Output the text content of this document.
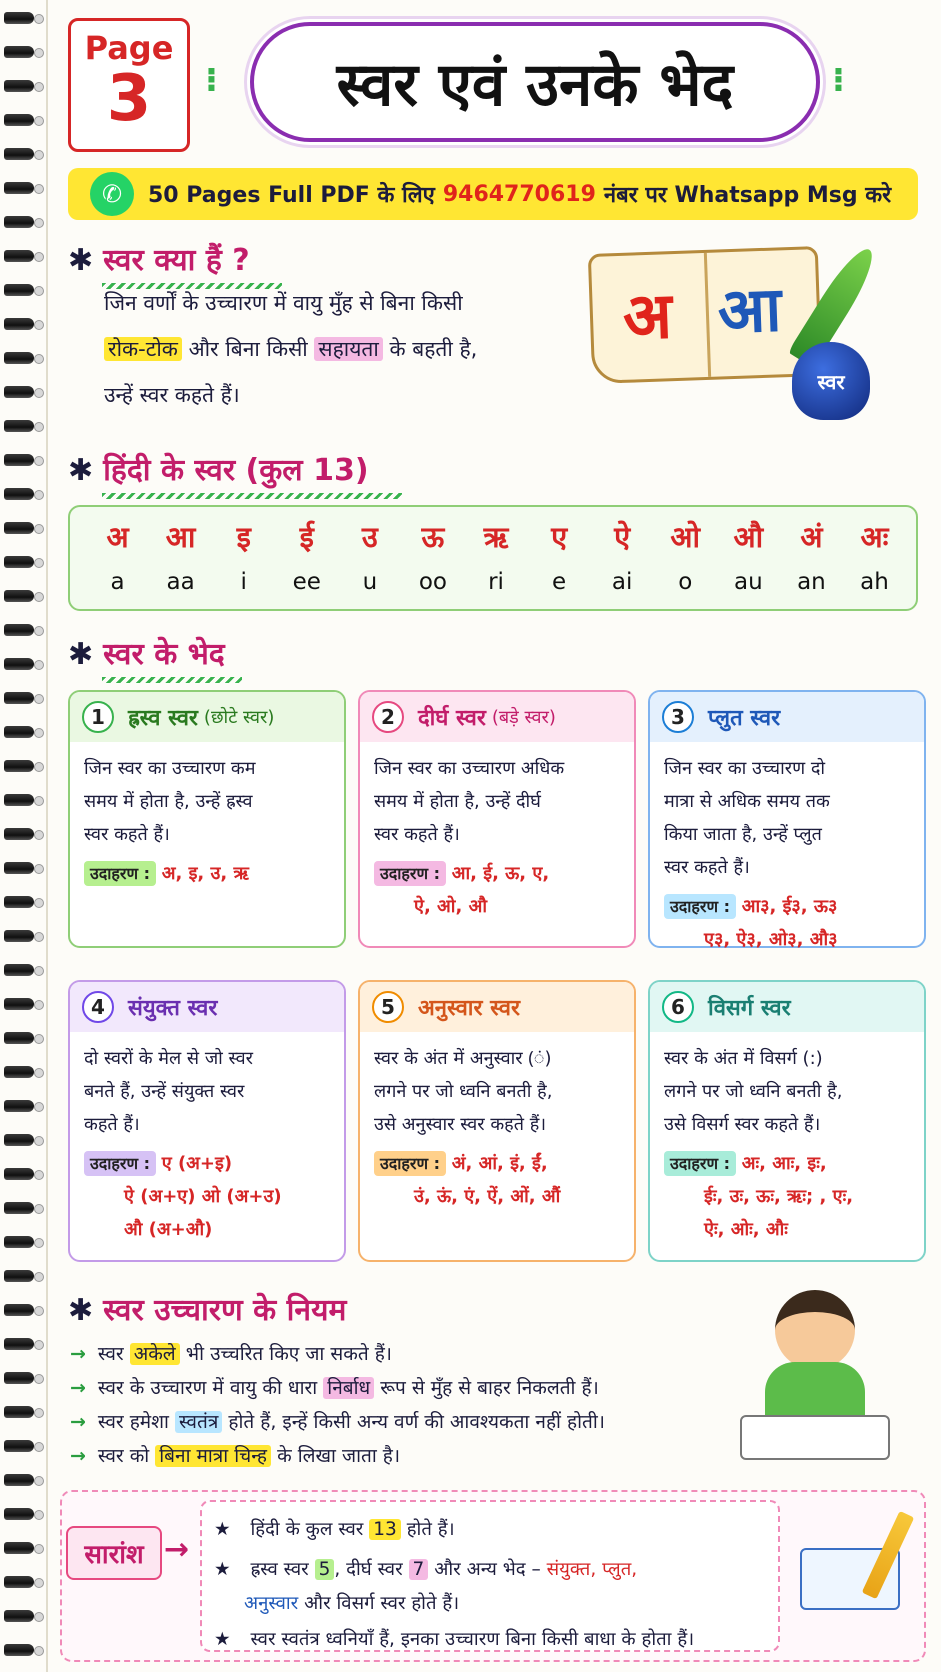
Page
3	⁝	स्वर एवं उनके भेद	⁝
✆	50 Pages Full PDF के लिए 9464770619 नंबर पर Whatsapp Msg करे
✱ स्वर क्या हैं ?
जिन वर्णों के उच्चारण में वायु मुँह से बिना किसी
रोक-टोक और बिना किसी सहायता के बहती है,
उन्हें स्वर कहते हैं।
अ आ
स्वर
✱ हिंदी के स्वर (कुल 13)
अ	आ	इ	ई	उ	ऊ	ऋ	ए	ऐ	ओ	औ	अं	अः
a	aa	i	ee	u	oo	ri	e	ai	o	au	an	ah
✱ स्वर के भेद
1	ह्रस्व स्वर (छोटे स्वर)
जिन स्वर का उच्चारण कम
समय में होता है, उन्हें ह्रस्व
स्वर कहते हैं।
उदाहरण : अ, इ, उ, ऋ
2	दीर्घ स्वर (बड़े स्वर)
जिन स्वर का उच्चारण अधिक
समय में होता है, उन्हें दीर्घ
स्वर कहते हैं।
उदाहरण : आ, ई, ऊ, ए,
ऐ, ओ, औ
3	प्लुत स्वर
जिन स्वर का उच्चारण दो
मात्रा से अधिक समय तक
किया जाता है, उन्हें प्लुत
स्वर कहते हैं।
उदाहरण : आ३, ई३, ऊ३
ए३, ऐ३, ओ३, औ३
4	संयुक्त स्वर
दो स्वरों के मेल से जो स्वर
बनते हैं, उन्हें संयुक्त स्वर
कहते हैं।
उदाहरण : ए (अ+इ)
ऐ (अ+ए) ओ (अ+उ)
औ (अ+औ)
5	अनुस्वार स्वर
स्वर के अंत में अनुस्वार (ं)
लगने पर जो ध्वनि बनती है,
उसे अनुस्वार स्वर कहते हैं।
उदाहरण : अं, आं, इं, ईं,
उं, ऊं, एं, ऐं, ओं, औं
6	विसर्ग स्वर
स्वर के अंत में विसर्ग (:)
लगने पर जो ध्वनि बनती है,
उसे विसर्ग स्वर कहते हैं।
उदाहरण : अः, आः, इः,
ईः, उः, ऊः, ऋः; , एः,
ऐः, ओः, औः
✱ स्वर उच्चारण के नियम
→ स्वर अकेले भी उच्चरित किए जा सकते हैं।
→ स्वर के उच्चारण में वायु की धारा निर्बाध रूप से मुँह से बाहर निकलती हैं।
→ स्वर हमेशा स्वतंत्र होते हैं, इन्हें किसी अन्य वर्ण की आवश्यकता नहीं होती।
→ स्वर को बिना मात्रा चिन्ह के लिखा जाता है।
सारांश →
★ हिंदी के कुल स्वर 13 होते हैं।
★ ह्रस्व स्वर 5 , दीर्घ स्वर 7 और अन्य भेद – संयुक्त, प्लुत,
अनुस्वार और विसर्ग स्वर होते हैं।
★ स्वर स्वतंत्र ध्वनियाँ हैं, इनका उच्चारण बिना किसी बाधा के होता हैं।
